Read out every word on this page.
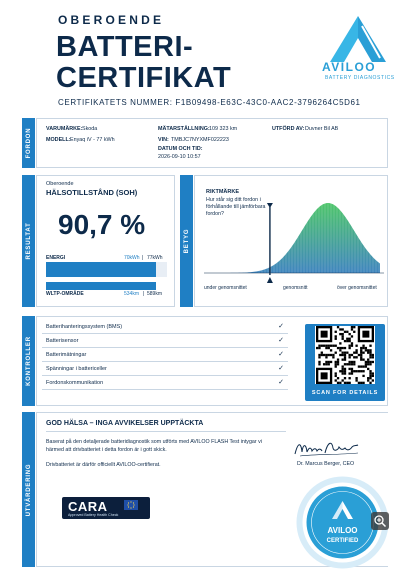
OBEROENDE
BATTERI-
CERTIFIKAT
CERTIFIKATETS NUMMER: F1B09498-E63C-43C0-AAC2-3796264C5D61
AVILOO
BATTERY DIAGNOSTICS
FORDON	VARUMÄRKE: Skoda
MODELL: Enyaq iV - 77 kWh
MÄTARSTÄLLNING: 109 323 km
VIN: TMBJC7NYXMF022223
DATUM OCH TID:
2026-09-10 10:57
UTFÖRD AV: Duvner Bil AB
RESULTAT
Oberoende
HÄLSOTILLSTÅND (SOH)
90,7 %
ENERGI	70kWh | 77kWh
WLTP-OMRÅDE	534km | 589km
BETYG
RIKTMÄRKE
Hur står sig ditt fordon i förhållande till jämförbara fordon?
under genomsnittet	genomsnitt	över genomsnittet
KONTROLLER
Batterihanteringssystem (BMS)	✓
Batterisensor	✓
Batterimätningar	✓
Spänningar i battericeller	✓
Fordonskommunikation	✓
SCAN FOR DETAILS
UTVÄRDERING
GOD HÄLSA – INGA AVVIKELSER UPPTÄCKTA
Baserat på den detaljerade batteridiagnostik som utförts med AVILOO FLASH Test intygar vi härmed att drivbatteriet i detta fordon är i gott skick.
Drivbatteriet är därför officiellt AVILOO-certifierat.	Dr. Marcus Berger, CEO
CARA
Approved Battery Health Check
AVILOO
CERTIFIED
